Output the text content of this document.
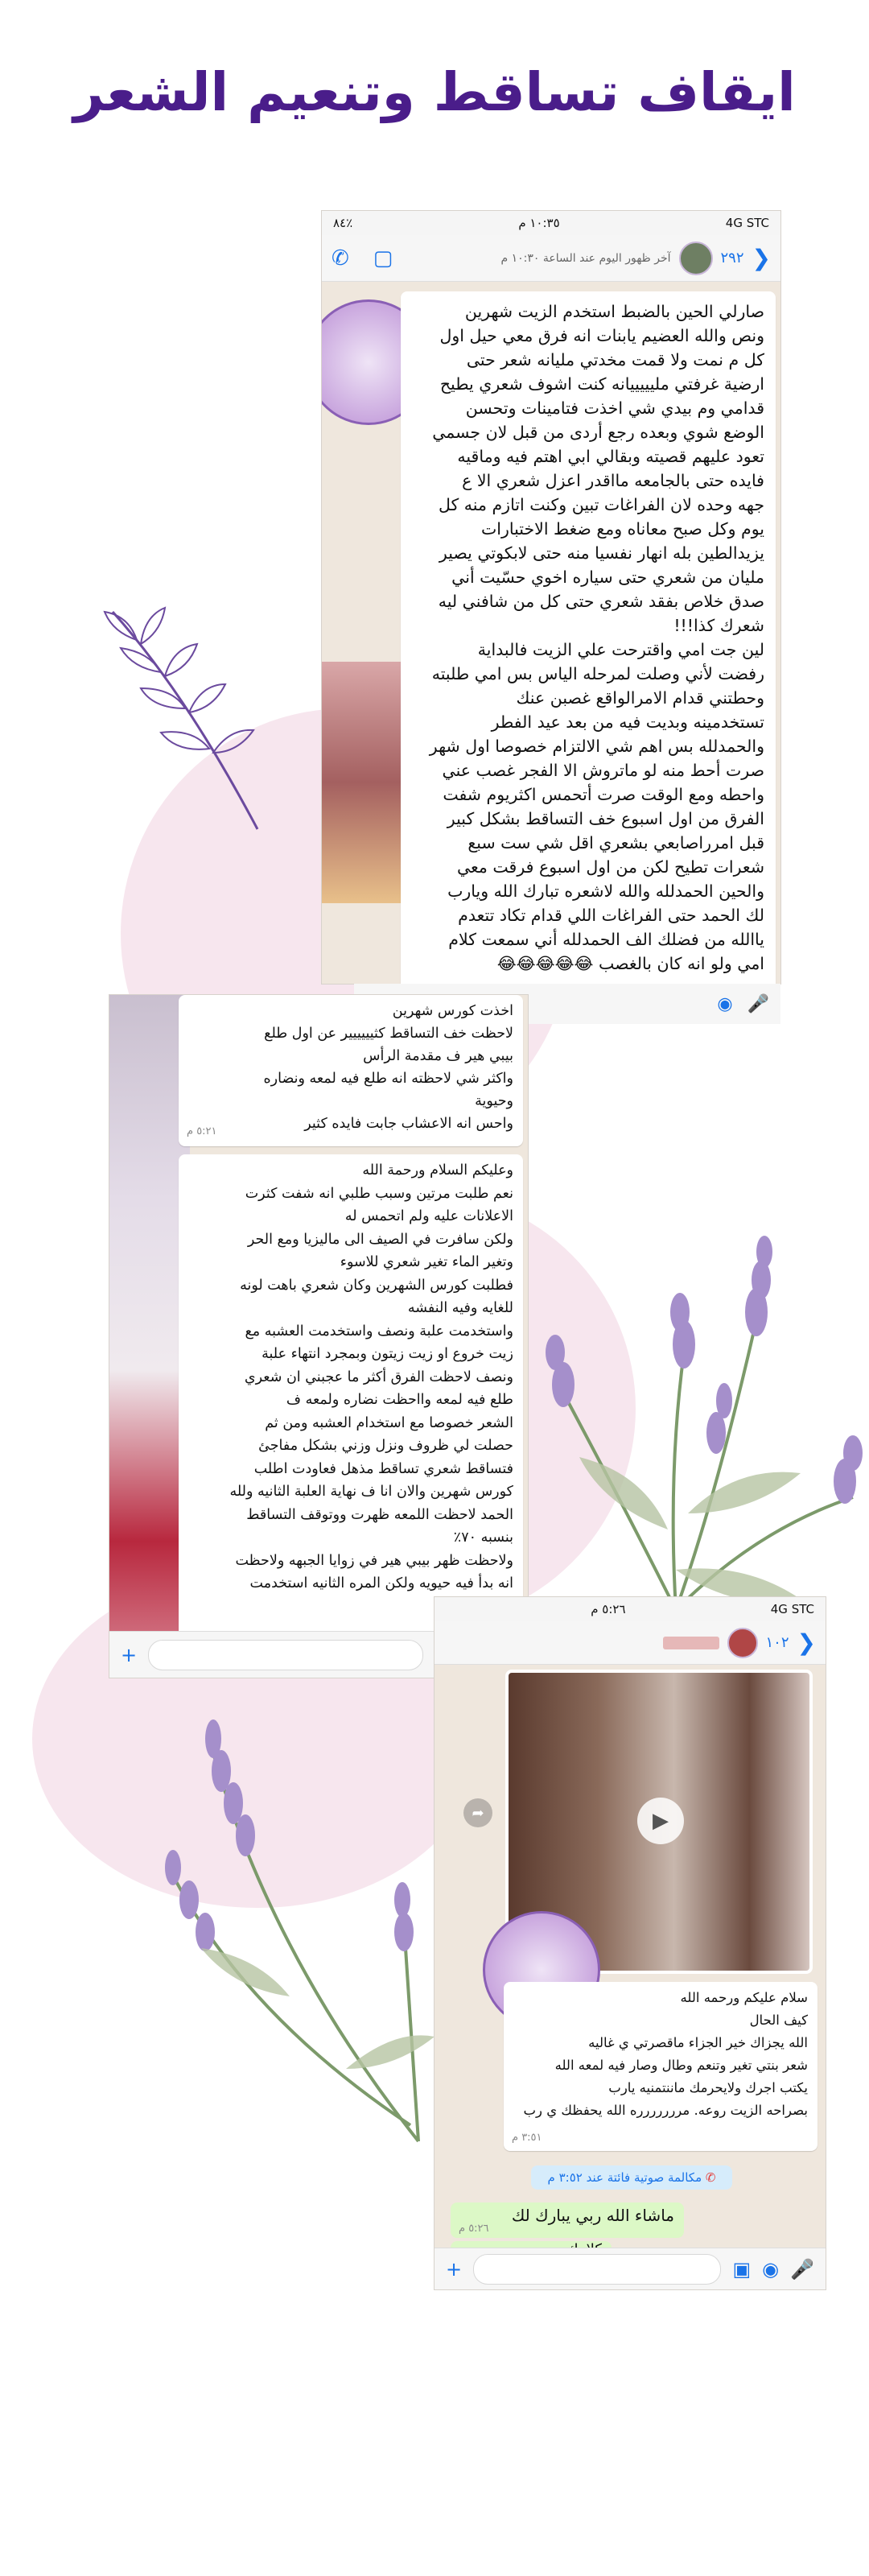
ايقاف تساقط وتنعيم الشعر
٨٤٪	١٠:٣٥ م	4G STC
✆ ▢	آخر ظهور اليوم عند الساعة ١٠:٣٠ م	٢٩٢ ❯
صارلي الحين بالضبط استخدم الزيت شهرين
ونص والله العضيم يابنات انه فرق معي حيل اول
كل م نمت ولا قمت مخدتي مليانه شعر حتى
ارضية غرفتي مليييييانه كنت اشوف شعري يطيح
قدامي وم بيدي شي اخذت فتامينات وتحسن
الوضع شوي وبعده رجع أردى من قبل لان جسمي
تعود عليهم قصيته وبقالي ابي اهتم فيه وماقيه
فايده حتى بالجامعه مااقدر اعزل شعري الا ع
جهه وحده لان الفراغات تبين وكنت اتازم منه كل
يوم وكل صبح معاناه ومع ضغط الاختبارات
يزيدالطين بله انهار نفسيا منه حتى لابكوتي يصير
مليان من شعري حتى سياره اخوي حسّيت أني
صدق خلاص بفقد شعري حتى كل من شافني ليه
شعرك كذا!!!
لين جت امي واقترحت علي الزيت فالبداية
رفضت لأني وصلت لمرحله الياس بس امي طلبته
وحطتني قدام الامرالواقع غصبن عنك
تستخدمينه وبديت فيه من بعد عيد الفطر
والحمدلله بس اهم شي الالتزام خصوصا اول شهر
صرت أحط منه لو ماتروش الا الفجر غصب عني
واحطه ومع الوقت صرت أتحمس اكثريوم شفت
الفرق من اول اسبوع خف التساقط بشكل كبير
قبل امرراصابعي بشعري اقل شي ست سبع
شعرات تطيح لكن من اول اسبوع فرقت معي
والحين الحمدلله والله لاشعره تبارك الله ويارب
لك الحمد حتى الفراغات اللي قدام تكاد تتعدم
ياالله من فضلك الف الحمدلله أني سمعت كلام
امي ولو انه كان بالغصب 😂😂😂😂😂
◉ 🎤
اخذت كورس شهرين
لاحظت خف التساقط كثيييييير عن اول طلع
بيبي هير ف مقدمة الرأس
واكثر شي لاحظته انه طلع فيه لمعه ونضاره
وحيوية
واحس انه الاعشاب جابت فايده كثير
٥:٢١ م
وعليكم السلام ورحمة الله
نعم طلبت مرتين وسبب طلبي انه شفت كثرت
الاعلانات عليه ولم اتحمس له
ولكن سافرت في الصيف الى ماليزيا ومع الحر
وتغير الماء تغير شعري للاسوء
فطلبت كورس الشهرين وكان شعري باهت لونه
للغايه وفيه النفشه
واستخدمت علبة ونصف واستخدمت العشبه مع
زيت خروع او زيت زيتون وبمجرد انتهاء علبة
ونصف لاحظت الفرق أكثر ما عجبني ان شعري
طلع فيه لمعه وااحظت نضاره ولمعه ف
الشعر خصوصا مع استخدام العشبه ومن ثم
حصلت لي ظروف ونزل وزني بشكل مفاجئ
فتساقط شعري تساقط مذهل فعاودت اطلب
كورس شهرين والان انا ف نهاية العلبة الثانيه ولله
الحمد لاحظت اللمعه ظهرت ووتوقف التساقط
بنسبه ٧٠٪
ولاحظت ظهر بيبي هير في زوايا الجبهه ولاحظت
انه بدأ فيه حيويه ولكن المره الثانيه استخدمت
+
٥:٢٦ م	4G STC
١٠٢ ❯
▶
➦
سلام عليكم ورحمه الله
كيف الحال
الله يجزاك خير الجزاء ماقصرتي ي غاليه
شعر بنتي تغير وتنعم وطال وصار فيه لمعه الله
يكتب اجرك ولايحرمك ماننتمنيه يارب
بصراحه الزيت روعه. مررررررره الله يحفظك ي رب
٣:٥١ م
✆ مكالمة صوتية فائتة عند ٣:٥٢ م
ماشاء الله ربي يبارك لك
٥:٢٦ م
+	▣ ◉ 🎤
